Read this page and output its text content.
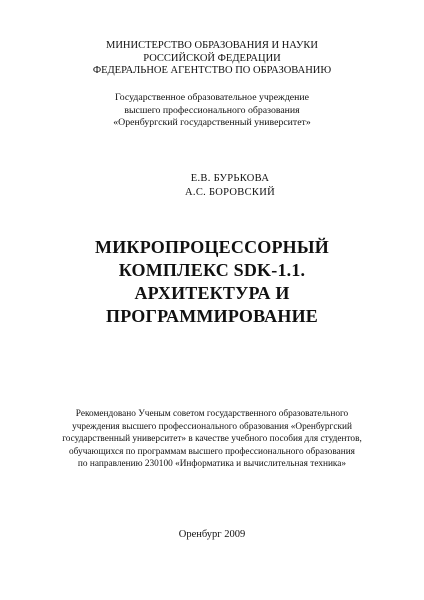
МИНИСТЕРСТВО ОБРАЗОВАНИЯ И НАУКИ
РОССИЙСКОЙ ФЕДЕРАЦИИ
ФЕДЕРАЛЬНОЕ АГЕНТСТВО ПО ОБРАЗОВАНИЮ
Государственное образовательное учреждение
высшего профессионального образования
«Оренбургский государственный университет»
Е.В. БУРЬКОВА
А.С. БОРОВСКИЙ
МИКРОПРОЦЕССОРНЫЙ
КОМПЛЕКС SDK-1.1.
АРХИТЕКТУРА И
ПРОГРАММИРОВАНИЕ
Рекомендовано Ученым советом государственного образовательного
учреждения высшего профессионального образования «Оренбургский
государственный университет» в качестве учебного пособия для студентов,
обучающихся по программам высшего профессионального образования
по направлению 230100 «Информатика и вычислительная техника»
Оренбург 2009
